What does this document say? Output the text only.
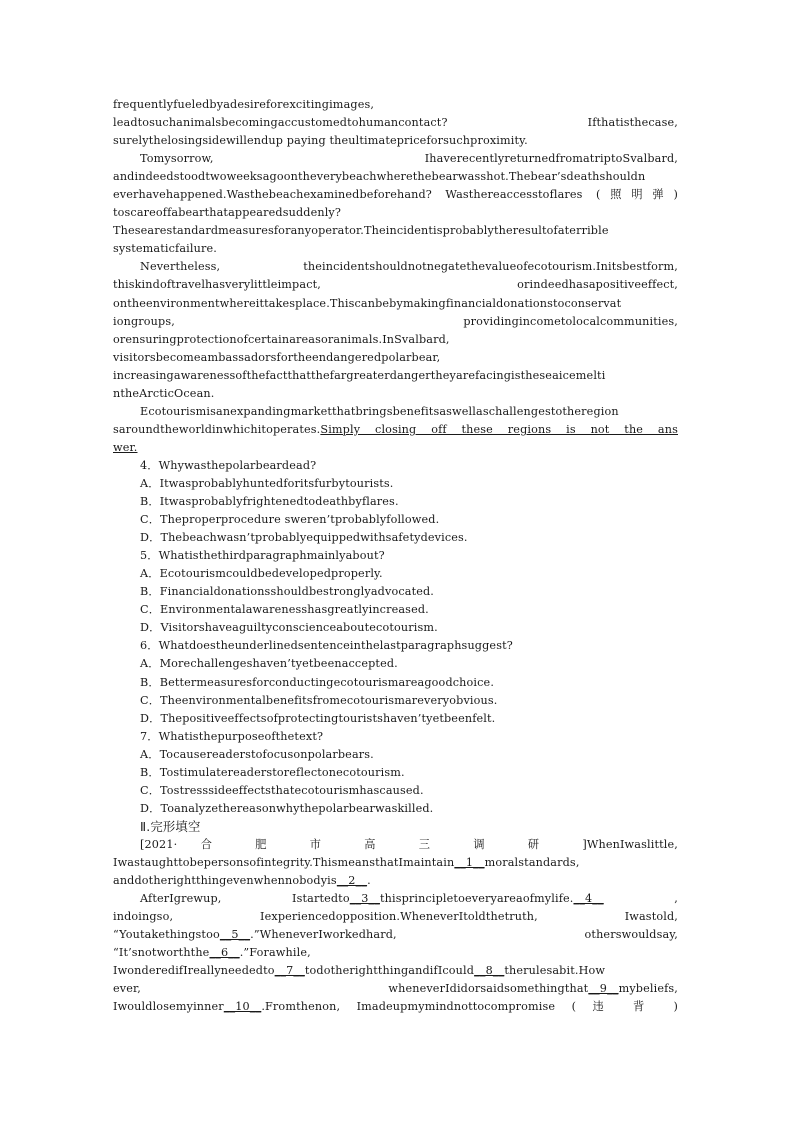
frequentlyfueledbyadesireforexcitingimages,

leadtosuchanimalsbecomingaccustomedtohumancontact?	Ifthatisthecase,

surelythelosingsidewillendup paying theultimatepriceforsuchproximity.

Tomysorrow,	IhaverecentlyreturnedfromatriptoSvalbard,

andindeedstoodtwoweeksagoontheverybeachwherethebearwasshot.Thebear’sdeathshouldn

everhavehappened.Wasthebeachexaminedbeforehand? Wasthereaccesstoflares (照明弹)

toscareoffabearthatappearedsuddenly?

Thesearestandardmeasuresforanyoperator.Theincidentisprobablytheresultofaterrible

systematicfailure.

Nevertheless,	theincidentshouldnotnegatethevalueofecotourism.Initsbestform,

thiskindoftravelhasverylittleimpact,	orindeedhasapositiveeffect,

ontheenvironmentwhereittakesplace.Thiscanbebymakingfinancialdonationstoconservat

iongroups,	providingincometolocalcommunities,

orensuringprotectionofcertainareasoranimals.InSvalbard,

visitorsbecomeambassadorsfortheendangeredpolarbear,

increasingawarenessofthefactthatthefargreaterdangertheyarefacingistheseaicemelti

ntheArcticOcean.

Ecotourismisanexpandingmarketthatbringsbenefitsaswellaschallengestotheregion

saroundtheworldinwhichitoperates.Simply closing off these regions is not the ans

wer.

4．Whywasthepolarbeardead?

A．Itwasprobablyhuntedforitsfurbytourists.

B．Itwasprobablyfrightenedtodeathbyflares.

C．Theproperprocedure sweren’tprobablyfollowed.

D．Thebeachwasn’tprobablyequippedwithsafetydevices.

5．Whatisthethirdparagraphmainlyabout?

A．Ecotourismcouldbedevelopedproperly.

B．Financialdonationsshouldbestronglyadvocated.

C．Environmentalawarenesshasgreatlyincreased.

D．Visitorshaveaguiltyconscienceaboutecotourism.

6．Whatdoestheunderlinedsentenceinthelastparagraphsuggest?

A．Morechallengeshaven’tyetbeenaccepted.

B．Bettermeasuresforconductingecotourismareagoodchoice.

C．Theenvironmentalbenefitsfromecotourismareveryobvious.

D．Thepositiveeffectsofprotectingtouristshaven’tyetbeenfelt.

7．Whatisthepurposeofthetext?

A．Tocausereaderstofocusonpolarbears.

B．Tostimulatereaderstoreflectonecotourism.

C．Tostresssideeffectsthatecotourismhascaused.

D．Toanalyzethereasonwhythepolarbearwaskilled.

Ⅱ.完形填空

[2021· 合 肥 市 高 三 调 研 ]WhenIwaslittle,

Iwastaughttobepersonsofintegrity.ThismeansthatImaintain__1__moralstandards,

anddotherightthingevenwhennobodyis__2__.

AfterIgrewup,	Istartedto__3__thisprincipletoeveryareaofmylife.__4__	,

indoingso,	Iexperiencedopposition.WheneverItoldthetruth,	Iwastold,

“Youtakethingstoo__5__.”WheneverIworkedhard,	otherswouldsay,

“It’snotworththe__6__.”Forawhile,

IwonderedifIreallyneededto__7__todotherightthingandifIcould__8__therulesabit.How

ever,	wheneverIdidorsaidsomethingthat__9__mybeliefs,

Iwouldlosemyinner__10__.Fromthenon, Imadeupmymindnottocompromise ( 违 背 )
